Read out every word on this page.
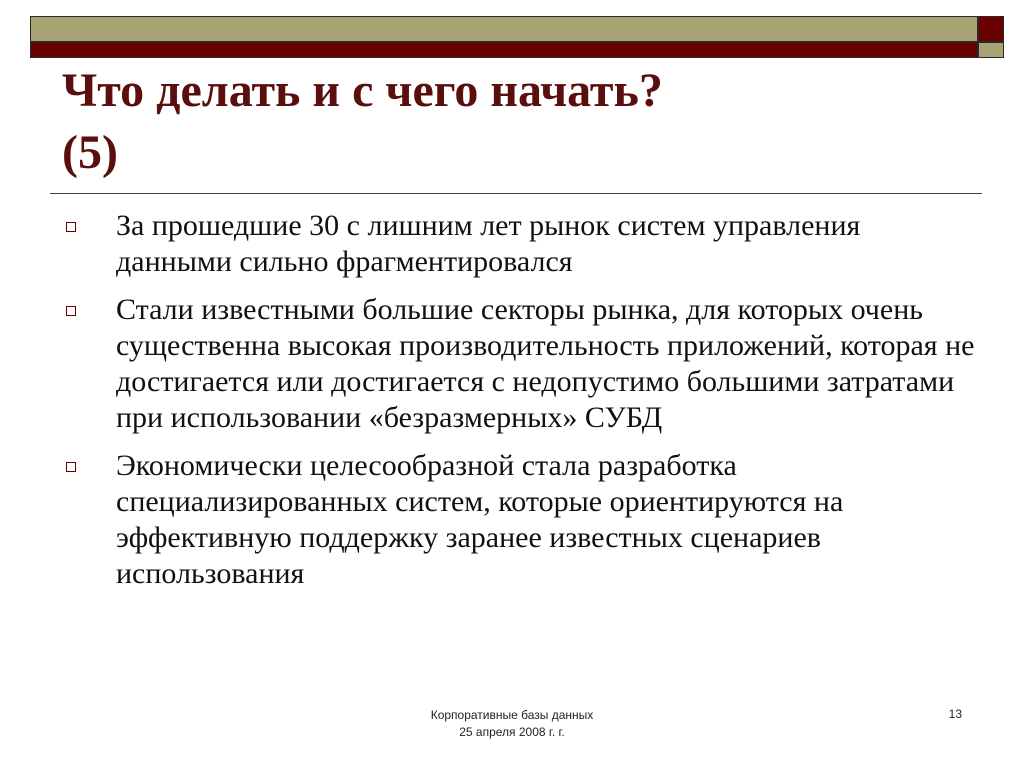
Что делать и с чего начать?
(5)
За прошедшие 30 с лишним лет рынок систем управления данными сильно фрагментировался
Стали известными большие секторы рынка, для которых очень существенна высокая производительность приложений, которая не достигается или достигается с недопустимо большими затратами при использовании «безразмерных» СУБД
Экономически целесообразной стала разработка специализированных систем, которые ориентируются на эффективную поддержку заранее известных сценариев использования
Корпоративные базы данных
25 апреля 2008 г. г.
13
